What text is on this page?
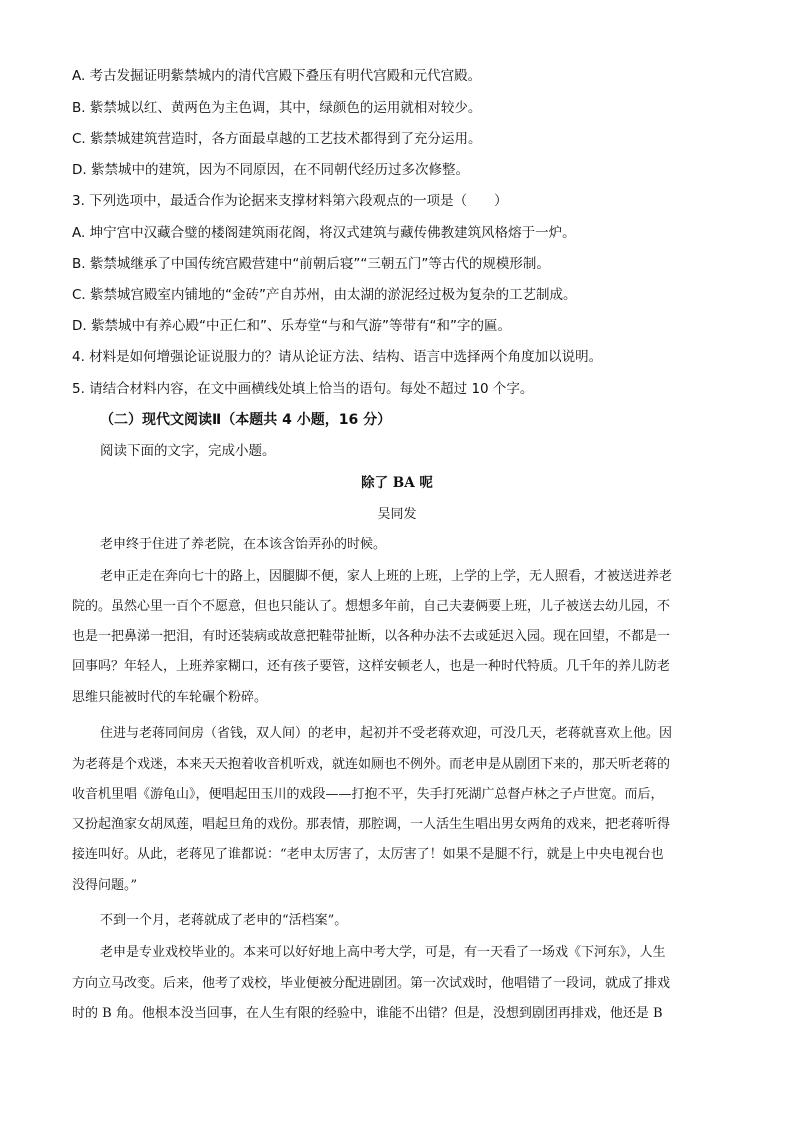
A. 考古发掘证明紫禁城内的清代宫殿下叠压有明代宫殿和元代宫殿。
B. 紫禁城以红、黄两色为主色调，其中，绿颜色的运用就相对较少。
C. 紫禁城建筑营造时，各方面最卓越的工艺技术都得到了充分运用。
D. 紫禁城中的建筑，因为不同原因，在不同朝代经历过多次修整。
3. 下列选项中，最适合作为论据来支撑材料第六段观点的一项是（　　）
A. 坤宁宫中汉藏合璧的楼阁建筑雨花阁，将汉式建筑与藏传佛教建筑风格熔于一炉。
B. 紫禁城继承了中国传统宫殿营建中“前朝后寝”“三朝五门”等古代的规模形制。
C. 紫禁城宫殿室内铺地的“金砖”产自苏州，由太湖的淤泥经过极为复杂的工艺制成。
D. 紫禁城中有养心殿“中正仁和”、乐寿堂“与和气游”等带有“和”字的匾。
4. 材料是如何增强论证说服力的？请从论证方法、结构、语言中选择两个角度加以说明。
5. 请结合材料内容，在文中画横线处填上恰当的语句。每处不超过 10 个字。
（二）现代文阅读Ⅱ（本题共 4 小题，16 分）
阅读下面的文字，完成小题。
除了 BA 呢
吴同发
老申终于住进了养老院，在本该含饴弄孙的时候。
老申正走在奔向七十的路上，因腿脚不便，家人上班的上班，上学的上学，无人照看，才被送进养老
院的。虽然心里一百个不愿意，但也只能认了。想想多年前，自己夫妻俩要上班，儿子被送去幼儿园，不
也是一把鼻涕一把泪，有时还装病或故意把鞋带扯断，以各种办法不去或延迟入园。现在回望，不都是一
回事吗？年轻人，上班养家糊口，还有孩子要管，这样安顿老人，也是一种时代特质。几千年的养儿防老
思维只能被时代的车轮碾个粉碎。
住进与老蒋同间房（省钱，双人间）的老申，起初并不受老蒋欢迎，可没几天，老蒋就喜欢上他。因
为老蒋是个戏迷，本来天天抱着收音机听戏，就连如厕也不例外。而老申是从剧团下来的，那天听老蒋的
收音机里唱《游龟山》，便唱起田玉川的戏段——打抱不平，失手打死湖广总督卢林之子卢世宽。而后，
又扮起渔家女胡凤莲，唱起旦角的戏份。那表情，那腔调，一人活生生唱出男女两角的戏来，把老蒋听得
接连叫好。从此，老蒋见了谁都说：“老申太厉害了，太厉害了！如果不是腿不行，就是上中央电视台也
没得问题。”
不到一个月，老蒋就成了老申的“活档案”。
老申是专业戏校毕业的。本来可以好好地上高中考大学，可是，有一天看了一场戏《下河东》，人生
方向立马改变。后来，他考了戏校，毕业便被分配进剧团。第一次试戏时，他唱错了一段词，就成了排戏
时的 B 角。他根本没当回事，在人生有限的经验中，谁能不出错？但是，没想到剧团再排戏，他还是 B
